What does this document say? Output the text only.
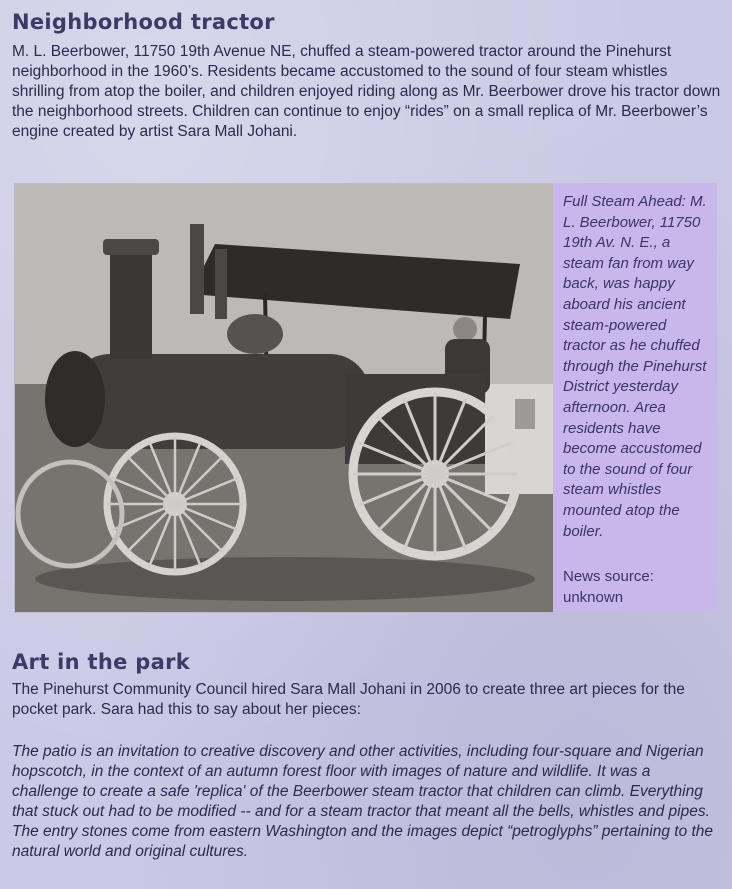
Neighborhood tractor

M. L. Beerbower, 11750 19th Avenue NE, chuffed a steam-powered tractor around the Pinehurst neighborhood in the 1960’s. Residents became accustomed to the sound of four steam whistles shrilling from atop the boiler, and children enjoyed riding along as Mr. Beerbower drove his tractor down the neighborhood streets. Children can continue to enjoy “rides” on a small replica of Mr. Beerbower’s engine created by artist Sara Mall Johani.

Full Steam Ahead: M. L. Beerbower, 11750 19th Av. N. E., a steam fan from way back, was happy aboard his ancient steam-powered tractor as he chuffed through the Pinehurst District yesterday afternoon. Area residents have become accustomed to the sound of four steam whistles mounted atop the boiler.
News source: unknown
Art in the park

The Pinehurst Community Council hired Sara Mall Johani in 2006 to create three art pieces for the pocket park. Sara had this to say about her pieces:

The patio is an invitation to creative discovery and other activities, including four-square and Nigerian hopscotch, in the context of an autumn forest floor with images of nature and wildlife. It was a challenge to create a safe 'replica' of the Beerbower steam tractor that children can climb. Everything that stuck out had to be modified -- and for a steam tractor that meant all the bells, whistles and pipes. The entry stones come from eastern Washington and the images depict “petroglyphs” pertaining to the natural world and original cultures.
